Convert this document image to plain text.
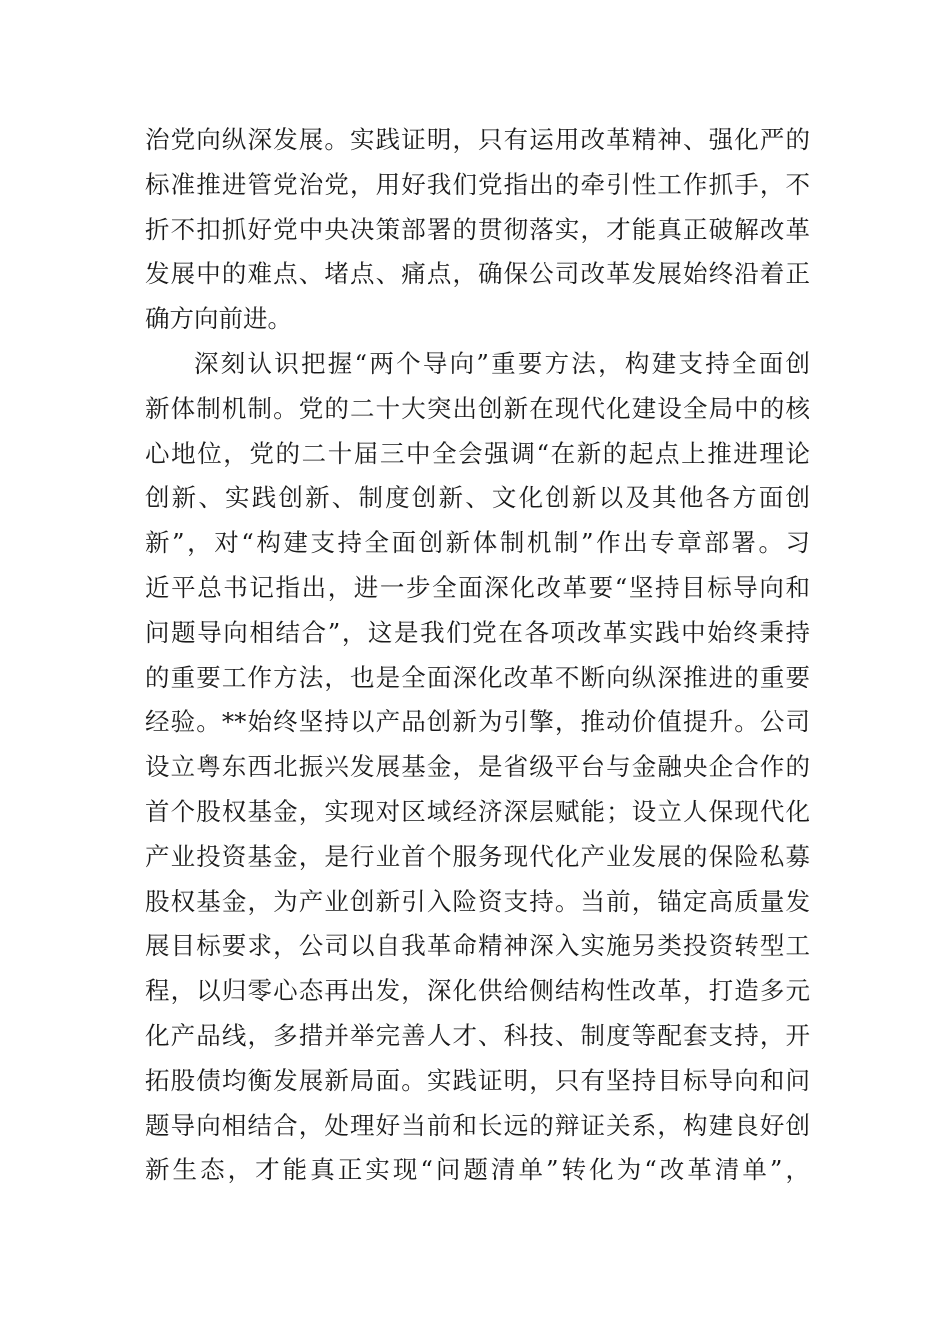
治党向纵深发展。实践证明，只有运用改革精神、强化严的
标准推进管党治党，用好我们党指出的牵引性工作抓手，不
折不扣抓好党中央决策部署的贯彻落实，才能真正破解改革
发展中的难点、堵点、痛点，确保公司改革发展始终沿着正
确方向前进。
深刻认识把握“两个导向”重要方法，构建支持全面创
新体制机制。党的二十大突出创新在现代化建设全局中的核
心地位，党的二十届三中全会强调“在新的起点上推进理论
创新、实践创新、制度创新、文化创新以及其他各方面创
新”，对“构建支持全面创新体制机制”作出专章部署。习
近平总书记指出，进一步全面深化改革要“坚持目标导向和
问题导向相结合”，这是我们党在各项改革实践中始终秉持
的重要工作方法，也是全面深化改革不断向纵深推进的重要
经验。**始终坚持以产品创新为引擎，推动价值提升。公司
设立粤东西北振兴发展基金，是省级平台与金融央企合作的
首个股权基金，实现对区域经济深层赋能；设立人保现代化
产业投资基金，是行业首个服务现代化产业发展的保险私募
股权基金，为产业创新引入险资支持。当前，锚定高质量发
展目标要求，公司以自我革命精神深入实施另类投资转型工
程，以归零心态再出发，深化供给侧结构性改革，打造多元
化产品线，多措并举完善人才、科技、制度等配套支持，开
拓股债均衡发展新局面。实践证明，只有坚持目标导向和问
题导向相结合，处理好当前和长远的辩证关系，构建良好创
新生态，才能真正实现“问题清单”转化为“改革清单”，
